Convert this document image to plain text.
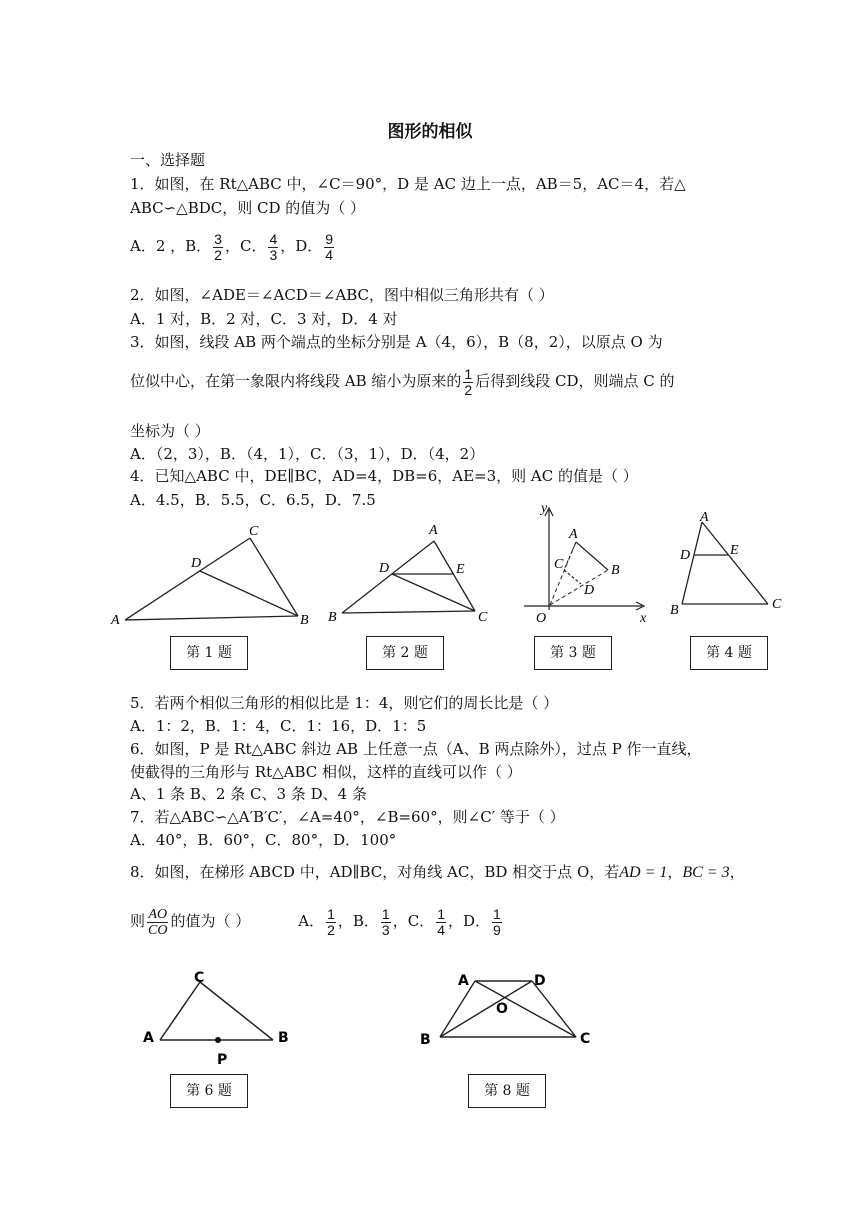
图形的相似
一、选择题
1．如图，在 Rt△ABC 中，∠C＝90°，D 是 AC 边上一点，AB＝5，AC＝4，若△
ABC∽△BDC，则 CD 的值为（ ）
A．2 ，B． $\frac{3}{2}$ ，C． $\frac{4}{3}$ ，D． $\frac{9}{4}$
2．如图，∠ADE＝∠ACD＝∠ABC，图中相似三角形共有（ ）
A．1 对，B．2 对，C．3 对，D．4 对
3．如图，线段 AB 两个端点的坐标分别是 A（4，6），B（8，2），以原点 O 为
位似中心，在第一象限内将线段 AB 缩小为原来的 $\frac{1}{2}$ 后得到线段 CD，则端点 C 的
坐标为（ ）
A．（2，3），B．（4，1），C．（3，1），D．（4，2）
4．已知△ABC 中，DE∥BC，AD=4，DB=6，AE=3，则 AC 的值是（ ）
A．4.5，B．5.5，C．6.5，D．7.5
A	B
C
D
B	C
A
D	E
y
x
O
A
B
C
D
A
B	C
D	E
第 1 题	第 2 题	第 3 题	第 4 题
5．若两个相似三角形的相似比是 1：4，则它们的周长比是（ ）
A．1：2，B．1：4，C．1：16，D．1：5
6．如图，P 是 Rt△ABC 斜边 AB 上任意一点（A、B 两点除外），过点 P 作一直线，
使截得的三角形与 Rt△ABC 相似，这样的直线可以作（ ）
A、1 条 B、2 条 C、3 条 D、4 条
7．若△ABC∽△A′B′C′，∠A=40°，∠B=60°，则∠C′ 等于（ ）
A．40°，B．60°，C．80°，D．100°
8．如图，在梯形 ABCD 中，AD∥BC，对角线 AC，BD 相交于点 O，若AD = 1，BC = 3，
则 $\frac{AO}{CO}$ 的值为（ ）	A． $\frac{1}{2}$ ，B． $\frac{1}{3}$ ，C． $\frac{1}{4}$ ，D． $\frac{1}{9}$
A	B
C
P
A	D
O
B	C
第 6 题	第 8 题
